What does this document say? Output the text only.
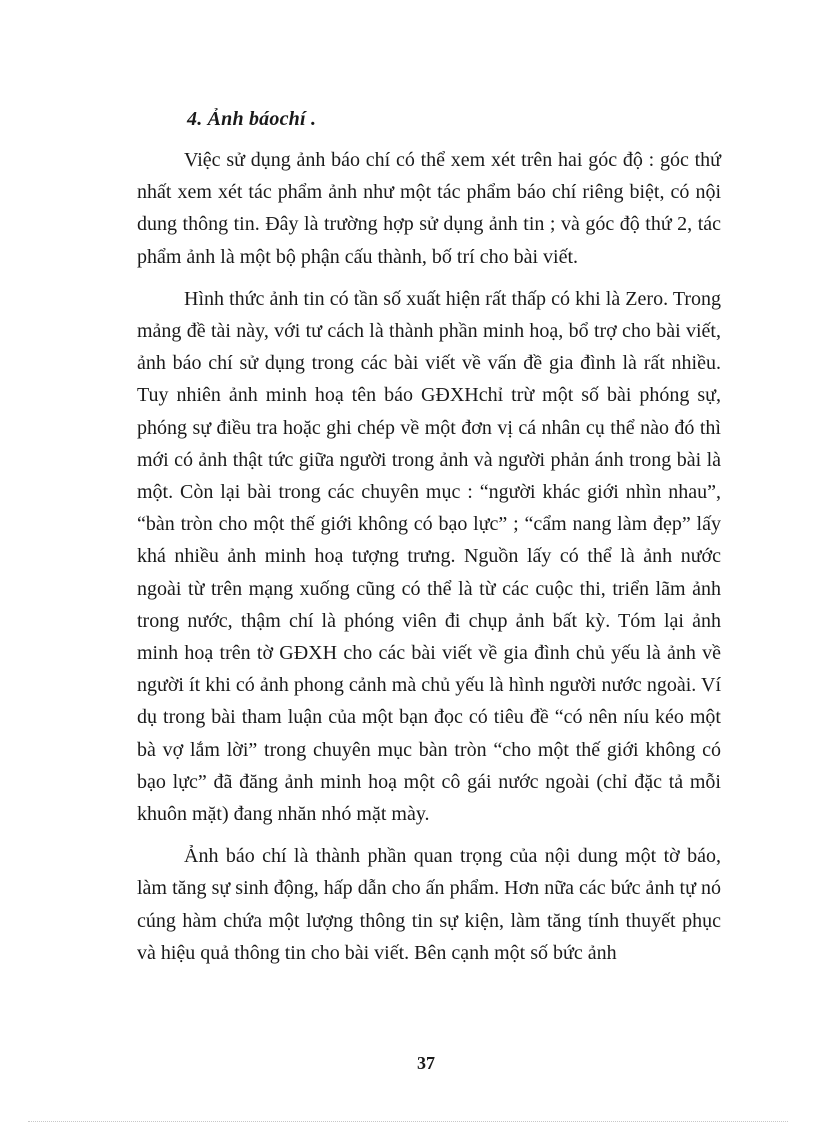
4. Ảnh báochí .

Việc sử dụng ảnh báo chí có thể xem xét trên hai góc độ : góc thứ nhất xem xét tác phẩm ảnh như một tác phẩm báo chí riêng biệt, có nội dung thông tin. Đây là trường hợp sử dụng ảnh tin ; và góc độ thứ 2, tác phẩm ảnh là một bộ phận cấu thành, bố trí cho bài viết.

Hình thức ảnh tin có tần số xuất hiện rất thấp có khi là Zero. Trong mảng đề tài này, với tư cách là thành phần minh hoạ, bổ trợ cho bài viết, ảnh báo chí sử dụng trong các bài viết về vấn đề gia đình là rất nhiều. Tuy nhiên ảnh minh hoạ tên báo GĐXHchỉ trừ một số bài phóng sự, phóng sự điều tra hoặc ghi chép về một đơn vị cá nhân cụ thể nào đó thì mới có ảnh thật tức giữa người trong ảnh và người phản ánh trong bài là một. Còn lại bài trong các chuyên mục : “người khác giới nhìn nhau”, “bàn tròn cho một thế giới không có bạo lực” ; “cẩm nang làm đẹp” lấy khá nhiều ảnh minh hoạ tượng trưng. Nguồn lấy có thể là ảnh nước ngoài từ trên mạng xuống cũng có thể là từ các cuộc thi, triển lãm ảnh trong nước, thậm chí là phóng viên đi chụp ảnh bất kỳ. Tóm lại ảnh minh hoạ trên tờ GĐXH cho các bài viết về gia đình chủ yếu là ảnh về người ít khi có ảnh phong cảnh mà chủ yếu là hình người nước ngoài. Ví dụ trong bài tham luận của một bạn đọc có tiêu đề “có nên níu kéo một bà vợ lắm lời” trong chuyên mục bàn tròn “cho một thế giới không có bạo lực” đã đăng ảnh minh hoạ một cô gái nước ngoài (chỉ đặc tả mỗi khuôn mặt) đang nhăn nhó mặt mày.

Ảnh báo chí là thành phần quan trọng của nội dung một tờ báo, làm tăng sự sinh động, hấp dẫn cho ấn phẩm. Hơn nữa các bức ảnh tự nó cúng hàm chứa một lượng thông tin sự kiện, làm tăng tính thuyết phục và hiệu quả thông tin cho bài viết. Bên cạnh một số bức ảnh

37
